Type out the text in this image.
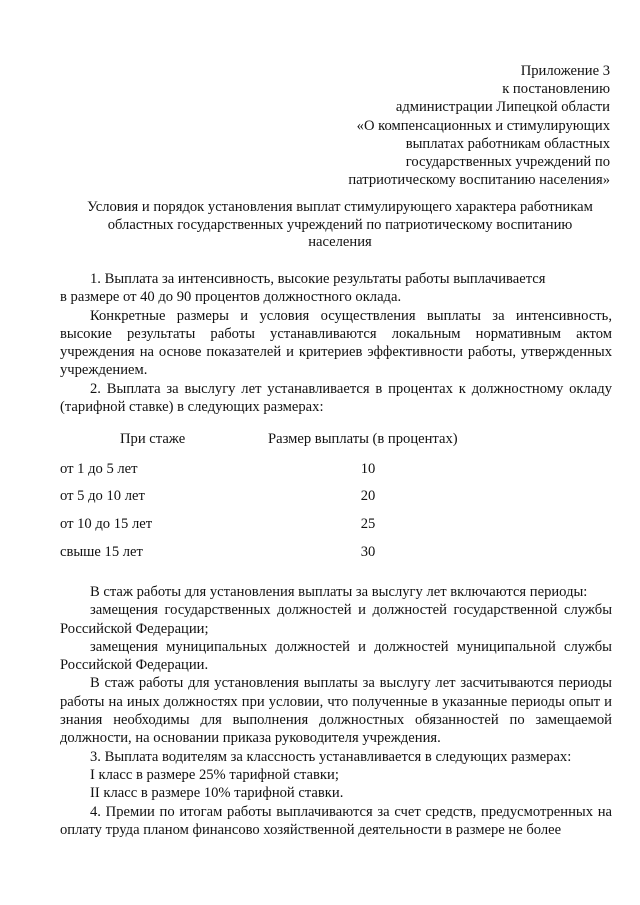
Приложение 3
к постановлению
администрации Липецкой области
«О компенсационных и стимулирующих
выплатах работникам областных
государственных учреждений по
патриотическому воспитанию населения»
Условия и порядок установления выплат стимулирующего характера работникам
областных государственных учреждений по патриотическому воспитанию
населения
1. Выплата за интенсивность, высокие результаты работы выплачивается
в размере от 40 до 90 процентов должностного оклада.
Конкретные размеры и условия осуществления выплаты за интенсивность, высокие результаты работы устанавливаются локальным нормативным актом учреждения на основе показателей и критериев эффективности работы, утвержденных учреждением.
2. Выплата за выслугу лет устанавливается в процентах к должностному окладу (тарифной ставке) в следующих размерах:
При стаже	Размер выплаты (в процентах)
от 1 до 5 лет	10
от 5 до 10 лет	20
от 10 до 15 лет	25
свыше 15 лет	30
В стаж работы для установления выплаты за выслугу лет включаются периоды:
замещения государственных должностей и должностей государственной службы Российской Федерации;
замещения муниципальных должностей и должностей муниципальной службы Российской Федерации.
В стаж работы для установления выплаты за выслугу лет засчитываются периоды работы на иных должностях при условии, что полученные в указанные периоды опыт и знания необходимы для выполнения должностных обязанностей по замещаемой должности, на основании приказа руководителя учреждения.
3. Выплата водителям за классность устанавливается в следующих размерах:
I класс в размере 25% тарифной ставки;
II класс в размере 10% тарифной ставки.
4. Премии по итогам работы выплачиваются за счет средств, предусмотренных на оплату труда планом финансово хозяйственной деятельности в размере не более
